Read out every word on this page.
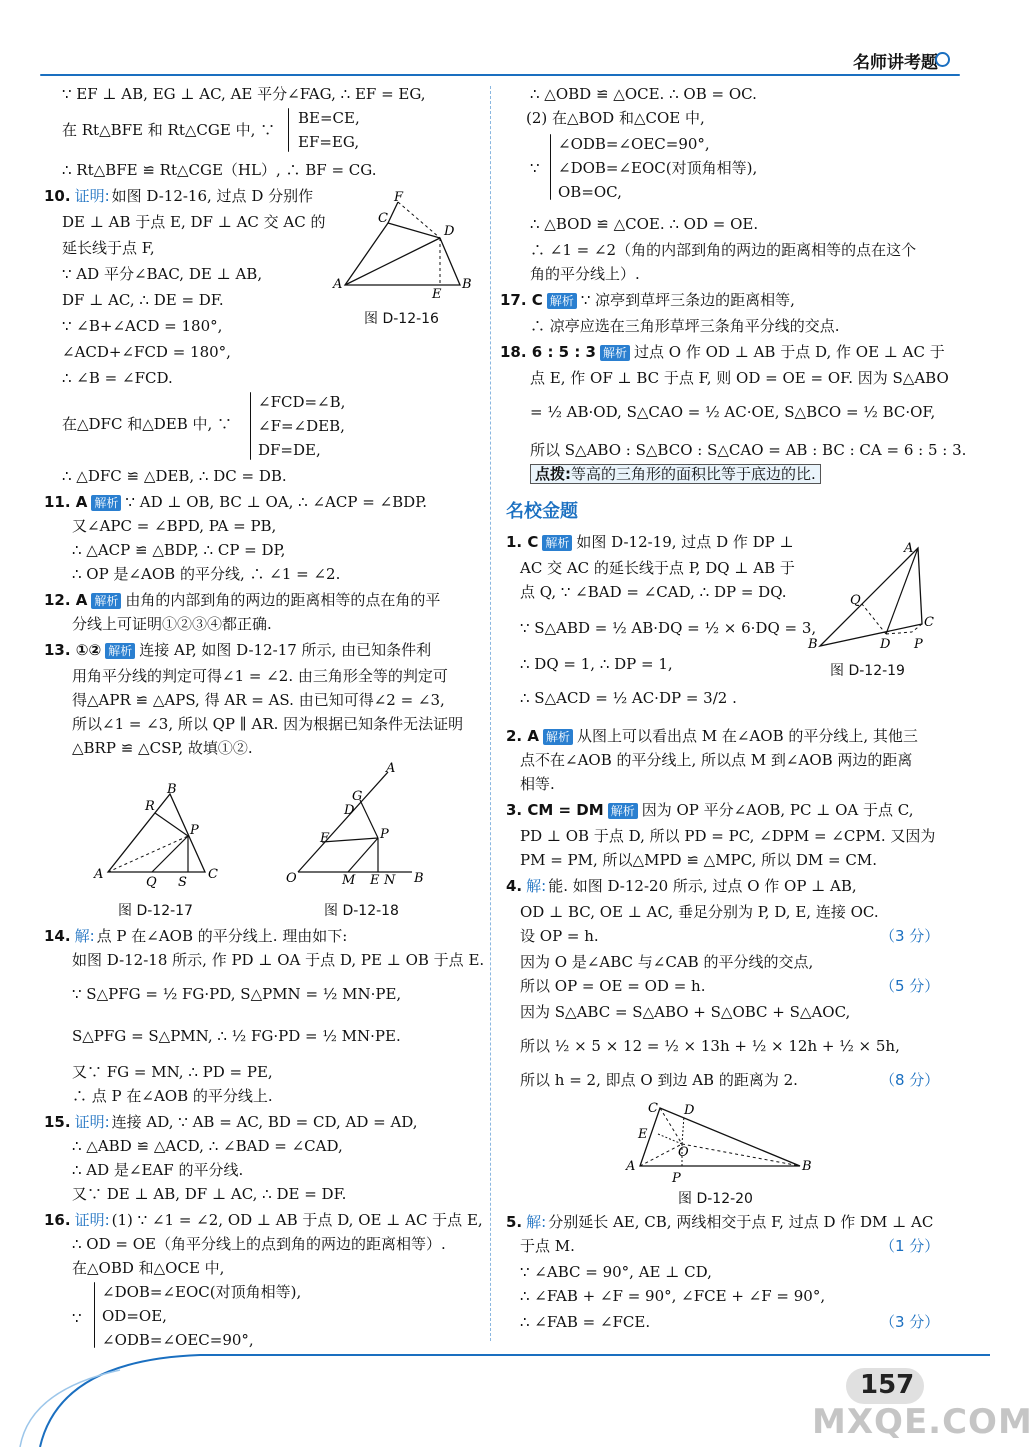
名师讲考题
∵ EF ⊥ AB, EG ⊥ AC, AE 平分∠FAG, ∴ EF = EG,
在 Rt△BFE 和 Rt△CGE 中, ∵
BE=CE,
EF=EG,
∴ Rt△BFE ≌ Rt△CGE（HL）, ∴ BF = CG.
10. 证明: 如图 D-12-16, 过点 D 分别作
DE ⊥ AB 于点 E, DF ⊥ AC 交 AC 的
延长线于点 F,
∵ AD 平分∠BAC, DE ⊥ AB,
DF ⊥ AC, ∴ DE = DF.
∵ ∠B+∠ACD = 180°,
∠ACD+∠FCD = 180°,
∴ ∠B = ∠FCD.
在△DFC 和△DEB 中, ∵
∠FCD=∠B,
∠F=∠DEB,
DF=DE,
∴ △DFC ≌ △DEB, ∴ DC = DB.
11. A 解析 ∵ AD ⊥ OB, BC ⊥ OA, ∴ ∠ACP = ∠BDP.
又∠APC = ∠BPD, PA = PB,
∴ △ACP ≌ △BDP, ∴ CP = DP,
∴ OP 是∠AOB 的平分线, ∴ ∠1 = ∠2.
12. A 解析 由角的内部到角的两边的距离相等的点在角的平
分线上可证明①②③④都正确.
13. ①② 解析 连接 AP, 如图 D-12-17 所示, 由已知条件利
用角平分线的判定可得∠1 = ∠2. 由三角形全等的判定可
得△APR ≌ △APS, 得 AR = AS. 由已知可得∠2 = ∠3,
所以∠1 = ∠3, 所以 QP ∥ AR. 因为根据已知条件无法证明
△BRP ≌ △CSP, 故填①②.
图 D-12-17	图 D-12-18
14. 解: 点 P 在∠AOB 的平分线上. 理由如下:
如图 D-12-18 所示, 作 PD ⊥ OA 于点 D, PE ⊥ OB 于点 E.
∵ S△PFG = ½ FG·PD, S△PMN = ½ MN·PE,
S△PFG = S△PMN, ∴ ½ FG·PD = ½ MN·PE.
又∵ FG = MN, ∴ PD = PE,
∴ 点 P 在∠AOB 的平分线上.
15. 证明: 连接 AD, ∵ AB = AC, BD = CD, AD = AD,
∴ △ABD ≌ △ACD, ∴ ∠BAD = ∠CAD,
∴ AD 是∠EAF 的平分线.
又∵ DE ⊥ AB, DF ⊥ AC, ∴ DE = DF.
16. 证明: (1) ∵ ∠1 = ∠2, OD ⊥ AB 于点 D, OE ⊥ AC 于点 E,
∴ OD = OE（角平分线上的点到角的两边的距离相等）.
在△OBD 和△OCE 中,
∵
∠DOB=∠EOC(对顶角相等),
OD=OE,
∠ODB=∠OEC=90°,
A	B
C
D
E
F
图 D-12-16
A
B
C
P
R
Q S	O
A
B
P
G
D
F
M E N
∴ △OBD ≌ △OCE. ∴ OB = OC.
(2) 在△BOD 和△COE 中,
∵
∠ODB=∠OEC=90°,
∠DOB=∠EOC(对顶角相等),
OB=OC,
∴ △BOD ≌ △COE. ∴ OD = OE.
∴ ∠1 = ∠2（角的内部到角的两边的距离相等的点在这个
角的平分线上）.
17. C 解析 ∵ 凉亭到草坪三条边的距离相等,
∴ 凉亭应选在三角形草坪三条角平分线的交点.
18. 6 : 5 : 3 解析 过点 O 作 OD ⊥ AB 于点 D, 作 OE ⊥ AC 于
点 E, 作 OF ⊥ BC 于点 F, 则 OD = OE = OF. 因为 S△ABO
= ½ AB·OD, S△CAO = ½ AC·OE, S△BCO = ½ BC·OF,
所以 S△ABO : S△BCO : S△CAO = AB : BC : CA = 6 : 5 : 3.
点拨:等高的三角形的面积比等于底边的比.
名校金题
1. C 解析 如图 D-12-19, 过点 D 作 DP ⊥
AC 交 AC 的延长线于点 P, DQ ⊥ AB 于
点 Q, ∵ ∠BAD = ∠CAD, ∴ DP = DQ.
∵ S△ABD = ½ AB·DQ = ½ × 6·DQ = 3,
∴ DQ = 1, ∴ DP = 1,
∴ S△ACD = ½ AC·DP = 3/2 .
图 D-12-19
2. A 解析 从图上可以看出点 M 在∠AOB 的平分线上, 其他三
点不在∠AOB 的平分线上, 所以点 M 到∠AOB 两边的距离
相等.
3. CM = DM 解析 因为 OP 平分∠AOB, PC ⊥ OA 于点 C,
PD ⊥ OB 于点 D, 所以 PD = PC, ∠DPM = ∠CPM. 又因为
PM = PM, 所以△MPD ≌ △MPC, 所以 DM = CM.
4. 解: 能. 如图 D-12-20 所示, 过点 O 作 OP ⊥ AB,
OD ⊥ BC, OE ⊥ AC, 垂足分别为 P, D, E, 连接 OC.
设 OP = h.	（3 分）
因为 O 是∠ABC 与∠CAB 的平分线的交点,
所以 OP = OE = OD = h.	（5 分）
因为 S△ABC = S△ABO + S△OBC + S△AOC,
所以 ½ × 5 × 12 = ½ × 13h + ½ × 12h + ½ × 5h,
所以 h = 2, 即点 O 到边 AB 的距离为 2.	（8 分）
图 D-12-20
5. 解: 分别延长 AE, CB, 两线相交于点 F, 过点 D 作 DM ⊥ AC
于点 M.	（1 分）
∵ ∠ABC = 90°, AE ⊥ CD,
∴ ∠FAB + ∠F = 90°, ∠FCE + ∠F = 90°,
∴ ∠FAB = ∠FCE.	（3 分）
A
B
C
D
Q
P
A	B
C D
E
O
P
157
MXQE.COM
